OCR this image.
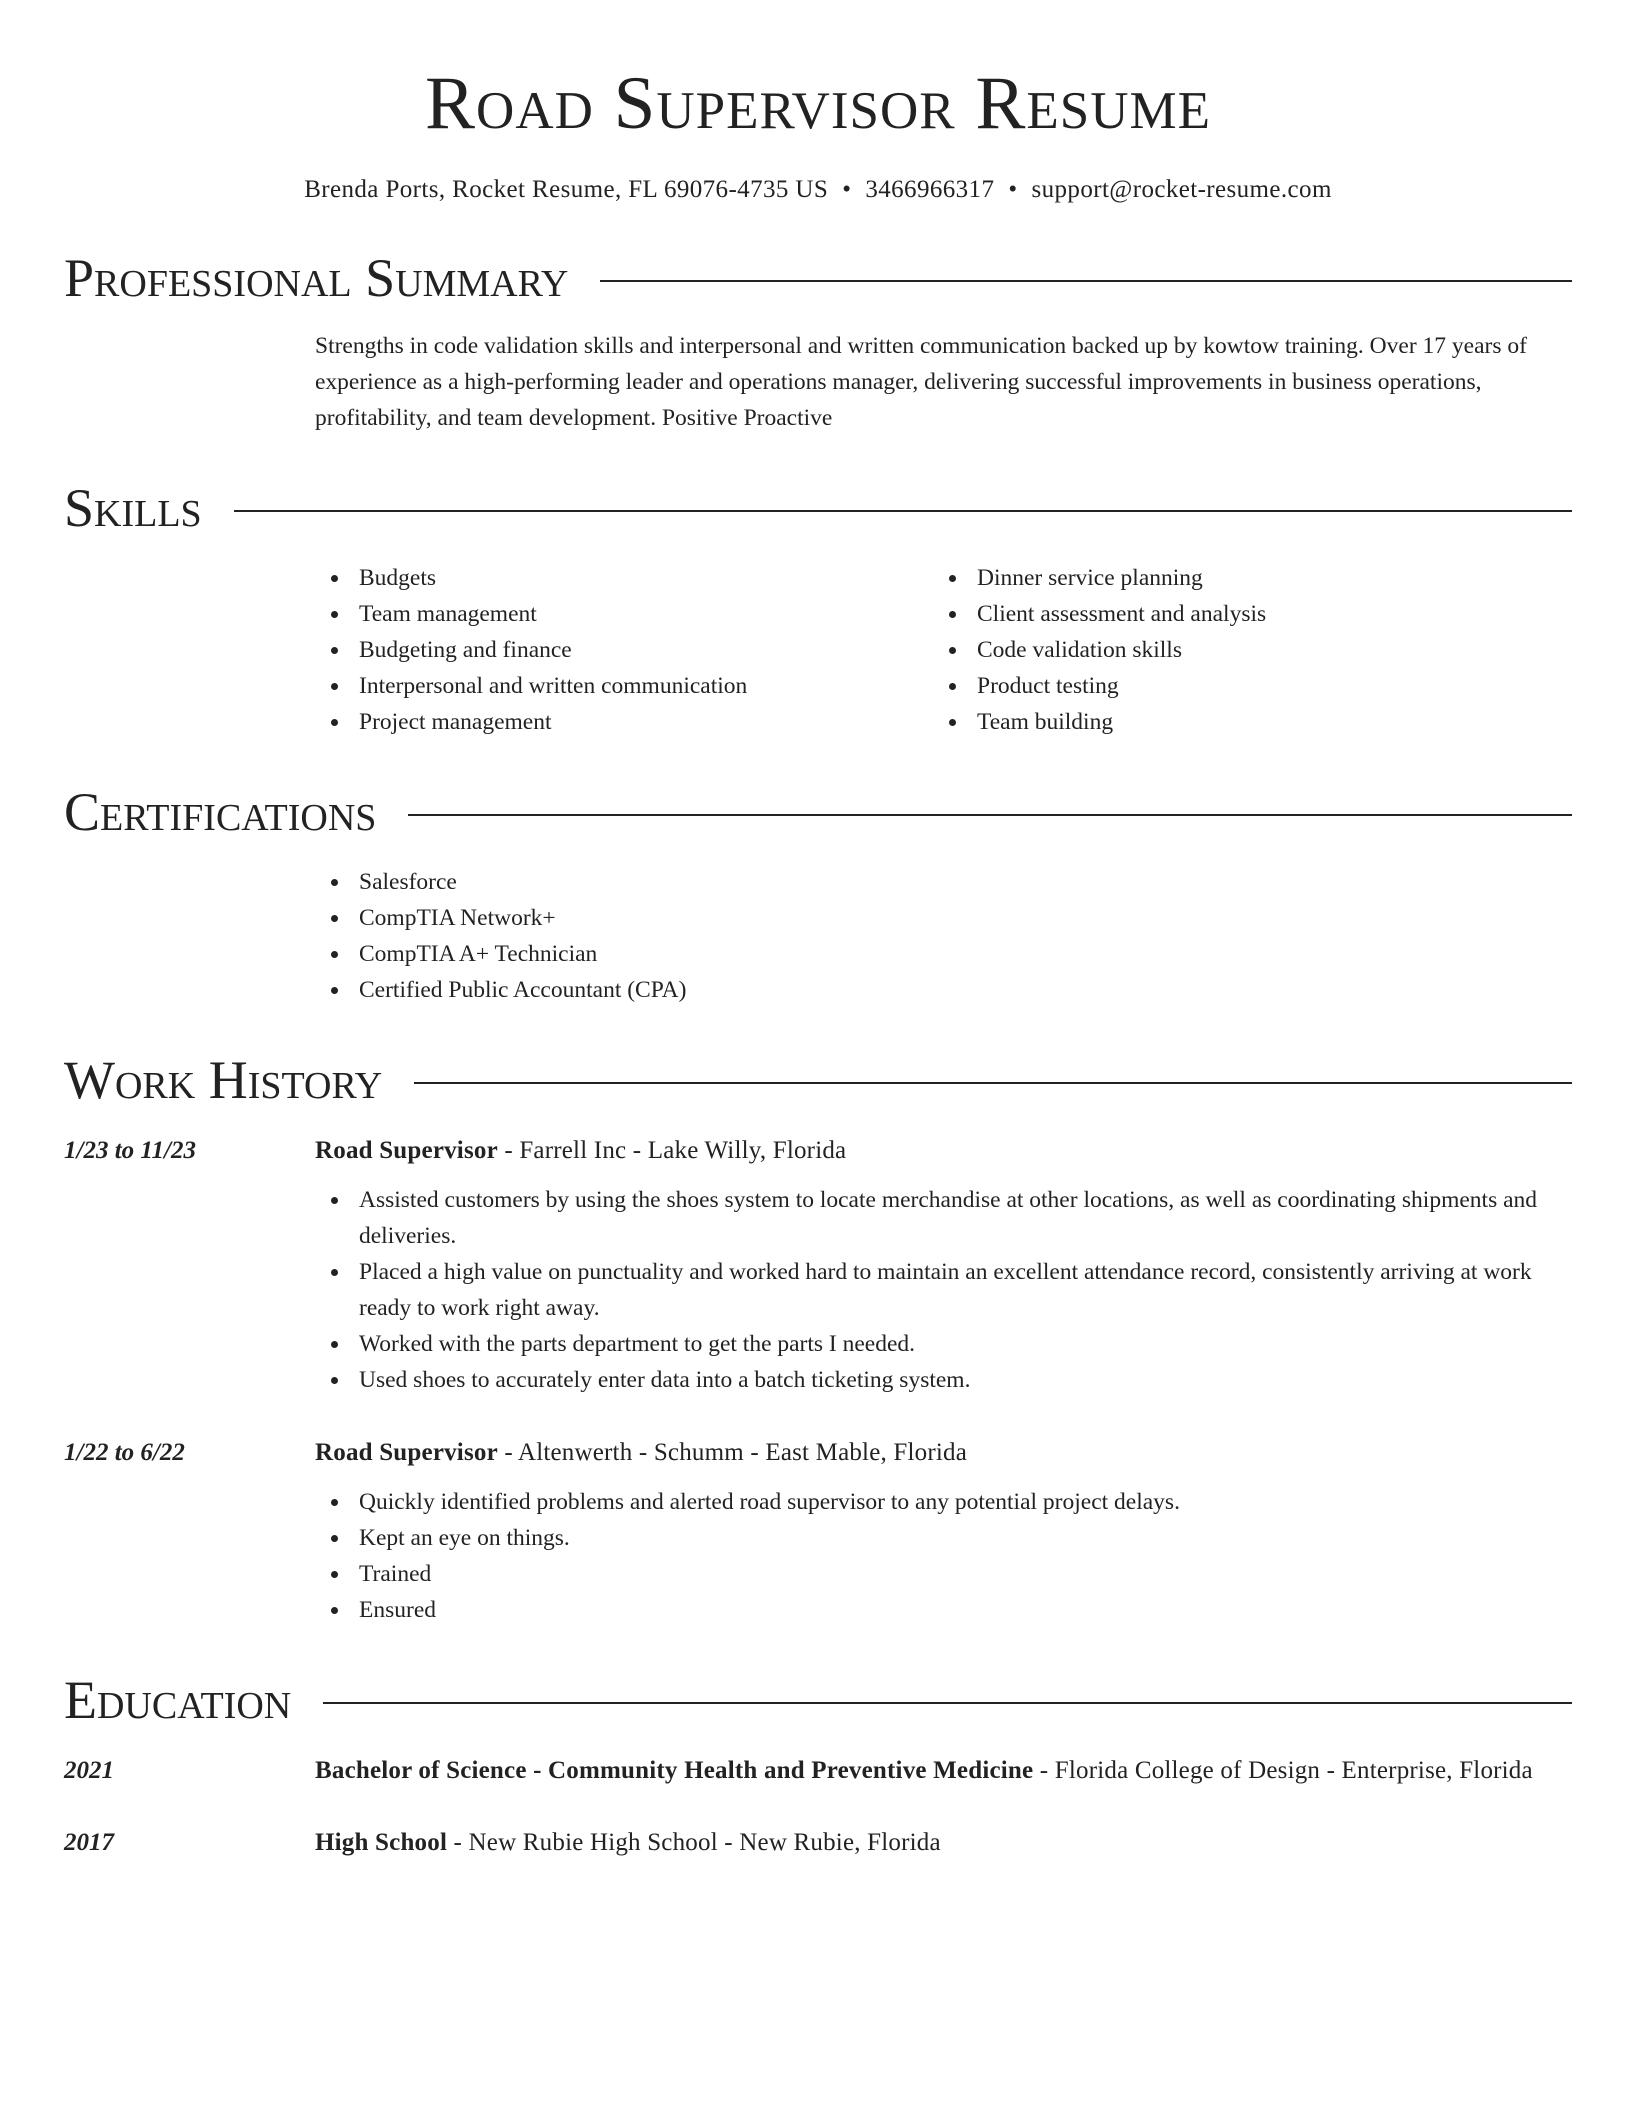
Road Supervisor Resume
Brenda Ports, Rocket Resume, FL 69076-4735 US • 3466966317 • support@rocket-resume.com
Professional Summary

Strengths in code validation skills and interpersonal and written communication backed up by kowtow training. Over 17 years of experience as a high-performing leader and operations manager, delivering successful improvements in business operations, profitability, and team development. Positive Proactive

Skills
Budgets
Team management
Budgeting and finance
Interpersonal and written communication
Project management
Dinner service planning
Client assessment and analysis
Code validation skills
Product testing
Team building
Certifications
Salesforce
CompTIA Network+
CompTIA A+ Technician
Certified Public Accountant (CPA)
Work History
1/23 to 11/23	Road Supervisor - Farrell Inc - Lake Willy, Florida
Assisted customers by using the shoes system to locate merchandise at other locations, as well as coordinating shipments and deliveries.
Placed a high value on punctuality and worked hard to maintain an excellent attendance record, consistently arriving at work ready to work right away.
Worked with the parts department to get the parts I needed.
Used shoes to accurately enter data into a batch ticketing system.
1/22 to 6/22	Road Supervisor - Altenwerth - Schumm - East Mable, Florida
Quickly identified problems and alerted road supervisor to any potential project delays.
Kept an eye on things.
Trained
Ensured
Education
2021	Bachelor of Science - Community Health and Preventive Medicine - Florida College of Design - Enterprise, Florida
2017	High School - New Rubie High School - New Rubie, Florida
